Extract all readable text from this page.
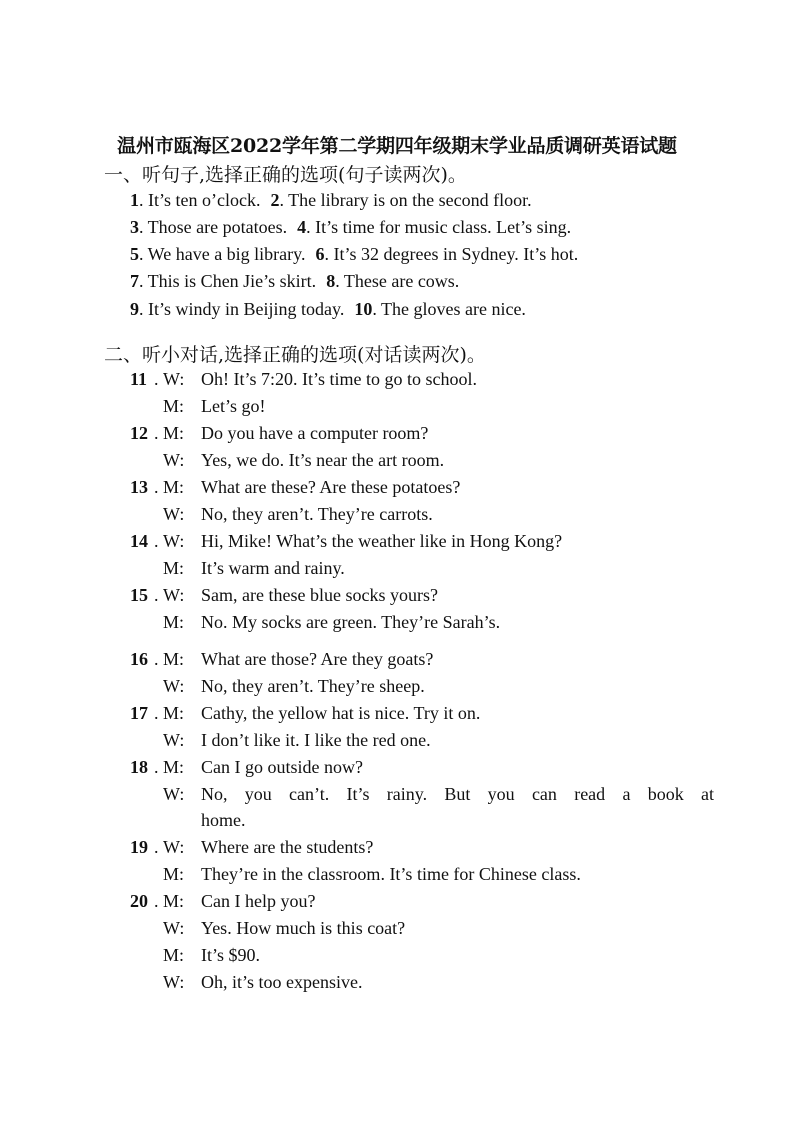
温州市瓯海区2022学年第二学期四年级期末学业品质调研英语试题
一、听句子,选择正确的选项(句子读两次)。
1. It’s ten o’clock. 2. The library is on the second floor.
3. Those are potatoes. 4. It’s time for music class. Let’s sing.
5. We have a big library. 6. It’s 32 degrees in Sydney. It’s hot.
7. This is Chen Jie’s skirt. 8. These are cows.
9. It’s windy in Beijing today. 10. The gloves are nice.
二、听小对话,选择正确的选项(对话读两次)。
11 . W: Oh! It’s 7:20. It’s time to go to school.
M: Let’s go!
12 . M: Do you have a computer room?
W: Yes, we do. It’s near the art room.
13 . M: What are these? Are these potatoes?
W: No, they aren’t. They’re carrots.
14 . W: Hi, Mike! What’s the weather like in Hong Kong?
M: It’s warm and rainy.
15 . W: Sam, are these blue socks yours?
M: No. My socks are green. They’re Sarah’s.
16 . M: What are those? Are they goats?
W: No, they aren’t. They’re sheep.
17 . M: Cathy, the yellow hat is nice. Try it on.
W: I don’t like it. I like the red one.
18 . M: Can I go outside now?
W: No, you can’t. It’s rainy. But you can read a book at
home.
19 . W: Where are the students?
M: They’re in the classroom. It’s time for Chinese class.
20 . M: Can I help you?
W: Yes. How much is this coat?
M: It’s $90.
W: Oh, it’s too expensive.
